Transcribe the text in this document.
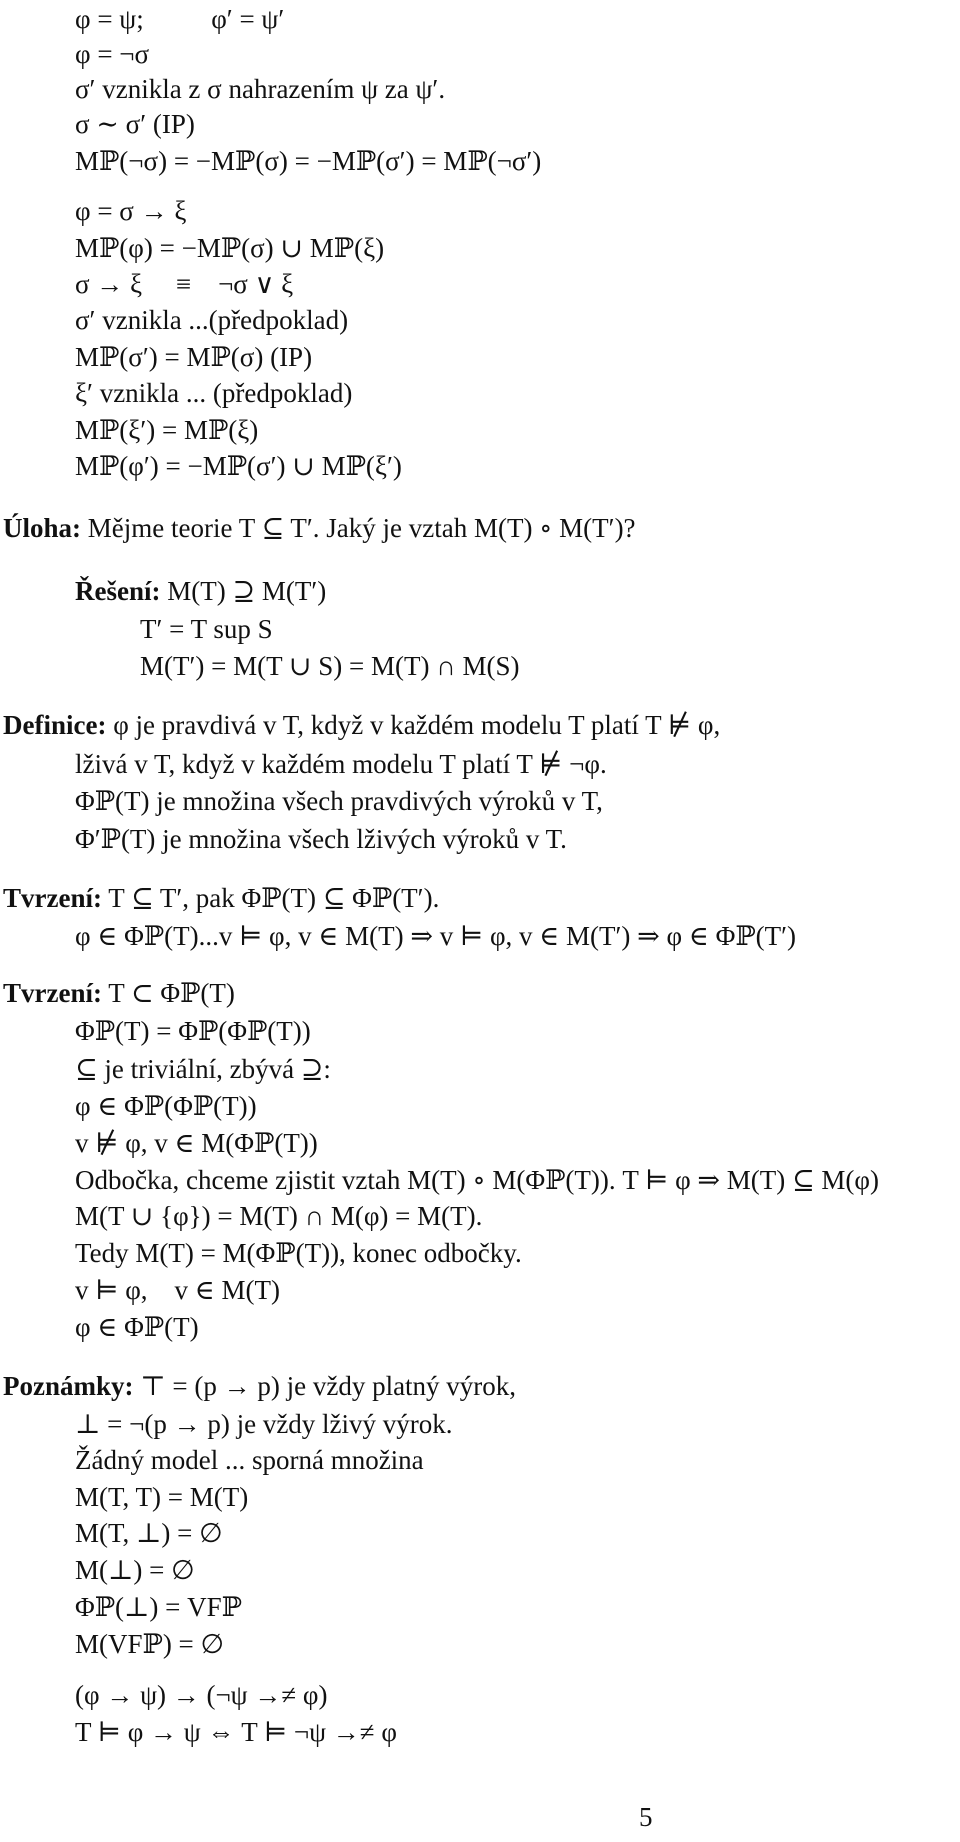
φ = ψ;          φ′ = ψ′
φ = ¬σ
σ′ vznikla z σ nahrazením ψ za ψ′.
σ ∼ σ′ (IP)
Mℙ(¬σ) = −Mℙ(σ) = −Mℙ(σ′) = Mℙ(¬σ′)
φ = σ → ξ
Mℙ(φ) = −Mℙ(σ) ∪ Mℙ(ξ)
σ → ξ     ≡    ¬σ ∨ ξ
σ′ vznikla ...(předpoklad)
Mℙ(σ′) = Mℙ(σ) (IP)
ξ′ vznikla ... (předpoklad)
Mℙ(ξ′) = Mℙ(ξ)
Mℙ(φ′) = −Mℙ(σ′) ∪ Mℙ(ξ′)
Úloha: Mějme teorie T ⊆ T′. Jaký je vztah M(T) ∘ M(T′)?
Řešení: M(T) ⊇ M(T′)
T′ = T sup S
M(T′) = M(T ∪ S) = M(T) ∩ M(S)
Definice: φ je pravdivá v T, když v každém modelu T platí T ⊭ φ,
lživá v T, když v každém modelu T platí T ⊭ ¬φ.
Φℙ(T) je množina všech pravdivých výroků v T,
Φ′ℙ(T) je množina všech lživých výroků v T.
Tvrzení: T ⊆ T′, pak Φℙ(T) ⊆ Φℙ(T′).
φ ∈ Φℙ(T)...v ⊨ φ, v ∈ M(T) ⇒ v ⊨ φ, v ∈ M(T′) ⇒ φ ∈ Φℙ(T′)
Tvrzení: T ⊂ Φℙ(T)
Φℙ(T) = Φℙ(Φℙ(T))
⊆ je triviální, zbývá ⊇:
φ ∈ Φℙ(Φℙ(T))
v ⊭ φ, v ∈ M(Φℙ(T))
Odbočka, chceme zjistit vztah M(T) ∘ M(Φℙ(T)). T ⊨ φ ⇒ M(T) ⊆ M(φ)
M(T ∪ {φ}) = M(T) ∩ M(φ) = M(T).
Tedy M(T) = M(Φℙ(T)), konec odbočky.
v ⊨ φ,    v ∈ M(T)
φ ∈ Φℙ(T)
Poznámky: ⊤ = (p → p) je vždy platný výrok,
⊥ = ¬(p → p) je vždy lživý výrok.
Žádný model ... sporná množina
M(T, T) = M(T)
M(T, ⊥) = ∅
M(⊥) = ∅
Φℙ(⊥) = VFℙ
M(VFℙ) = ∅
(φ → ψ) → (¬ψ →≠ φ)
T ⊨ φ → ψ ⇔ T ⊨ ¬ψ →≠ φ
5
